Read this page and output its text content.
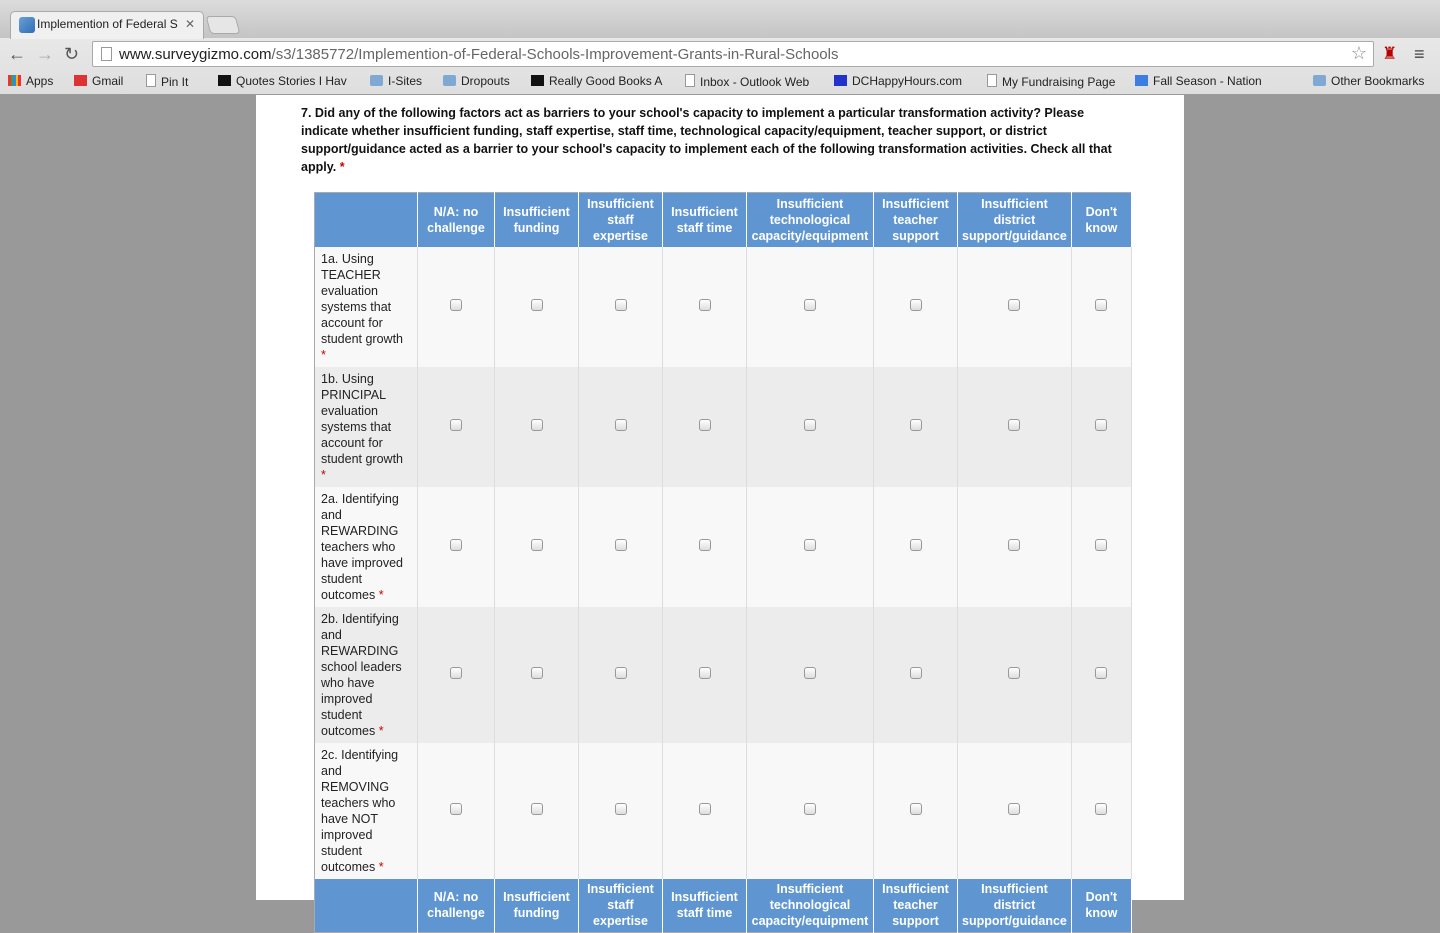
Implemention of Federal S ✕
← → ↻	www.surveygizmo.com/s3/1385772/Implemention-of-Federal-Schools-Improvement-Grants-in-Rural-Schools	☆ ♜ ≡
Apps	Gmail	Pin It	Quotes Stories I Hav	I-Sites	Dropouts	Really Good Books A	Inbox - Outlook Web	DCHappyHours.com	My Fundraising Page	Fall Season - Nation	Other Bookmarks
7. Did any of the following factors act as barriers to your school's capacity to implement a particular transformation activity? Please indicate whether insufficient funding, staff expertise, staff time, technological capacity/equipment, teacher support, or district support/guidance acted as a barrier to your school's capacity to implement each of the following transformation activities. Check all that apply. *
	N/A: no challenge	Insufficient funding	Insufficient staff expertise	Insufficient staff time	Insufficient technological capacity/equipment	Insufficient teacher support	Insufficient district support/guidance	Don't know
1a. Using TEACHER evaluation systems that account for student growth *								
1b. Using PRINCIPAL evaluation systems that account for student growth *								
2a. Identifying and REWARDING teachers who have improved student outcomes *								
2b. Identifying and REWARDING school leaders who have improved student outcomes *								
2c. Identifying and REMOVING teachers who have NOT improved student outcomes *								
	N/A: no challenge	Insufficient funding	Insufficient staff expertise	Insufficient staff time	Insufficient technological capacity/equipment	Insufficient teacher support	Insufficient district support/guidance	Don't know
